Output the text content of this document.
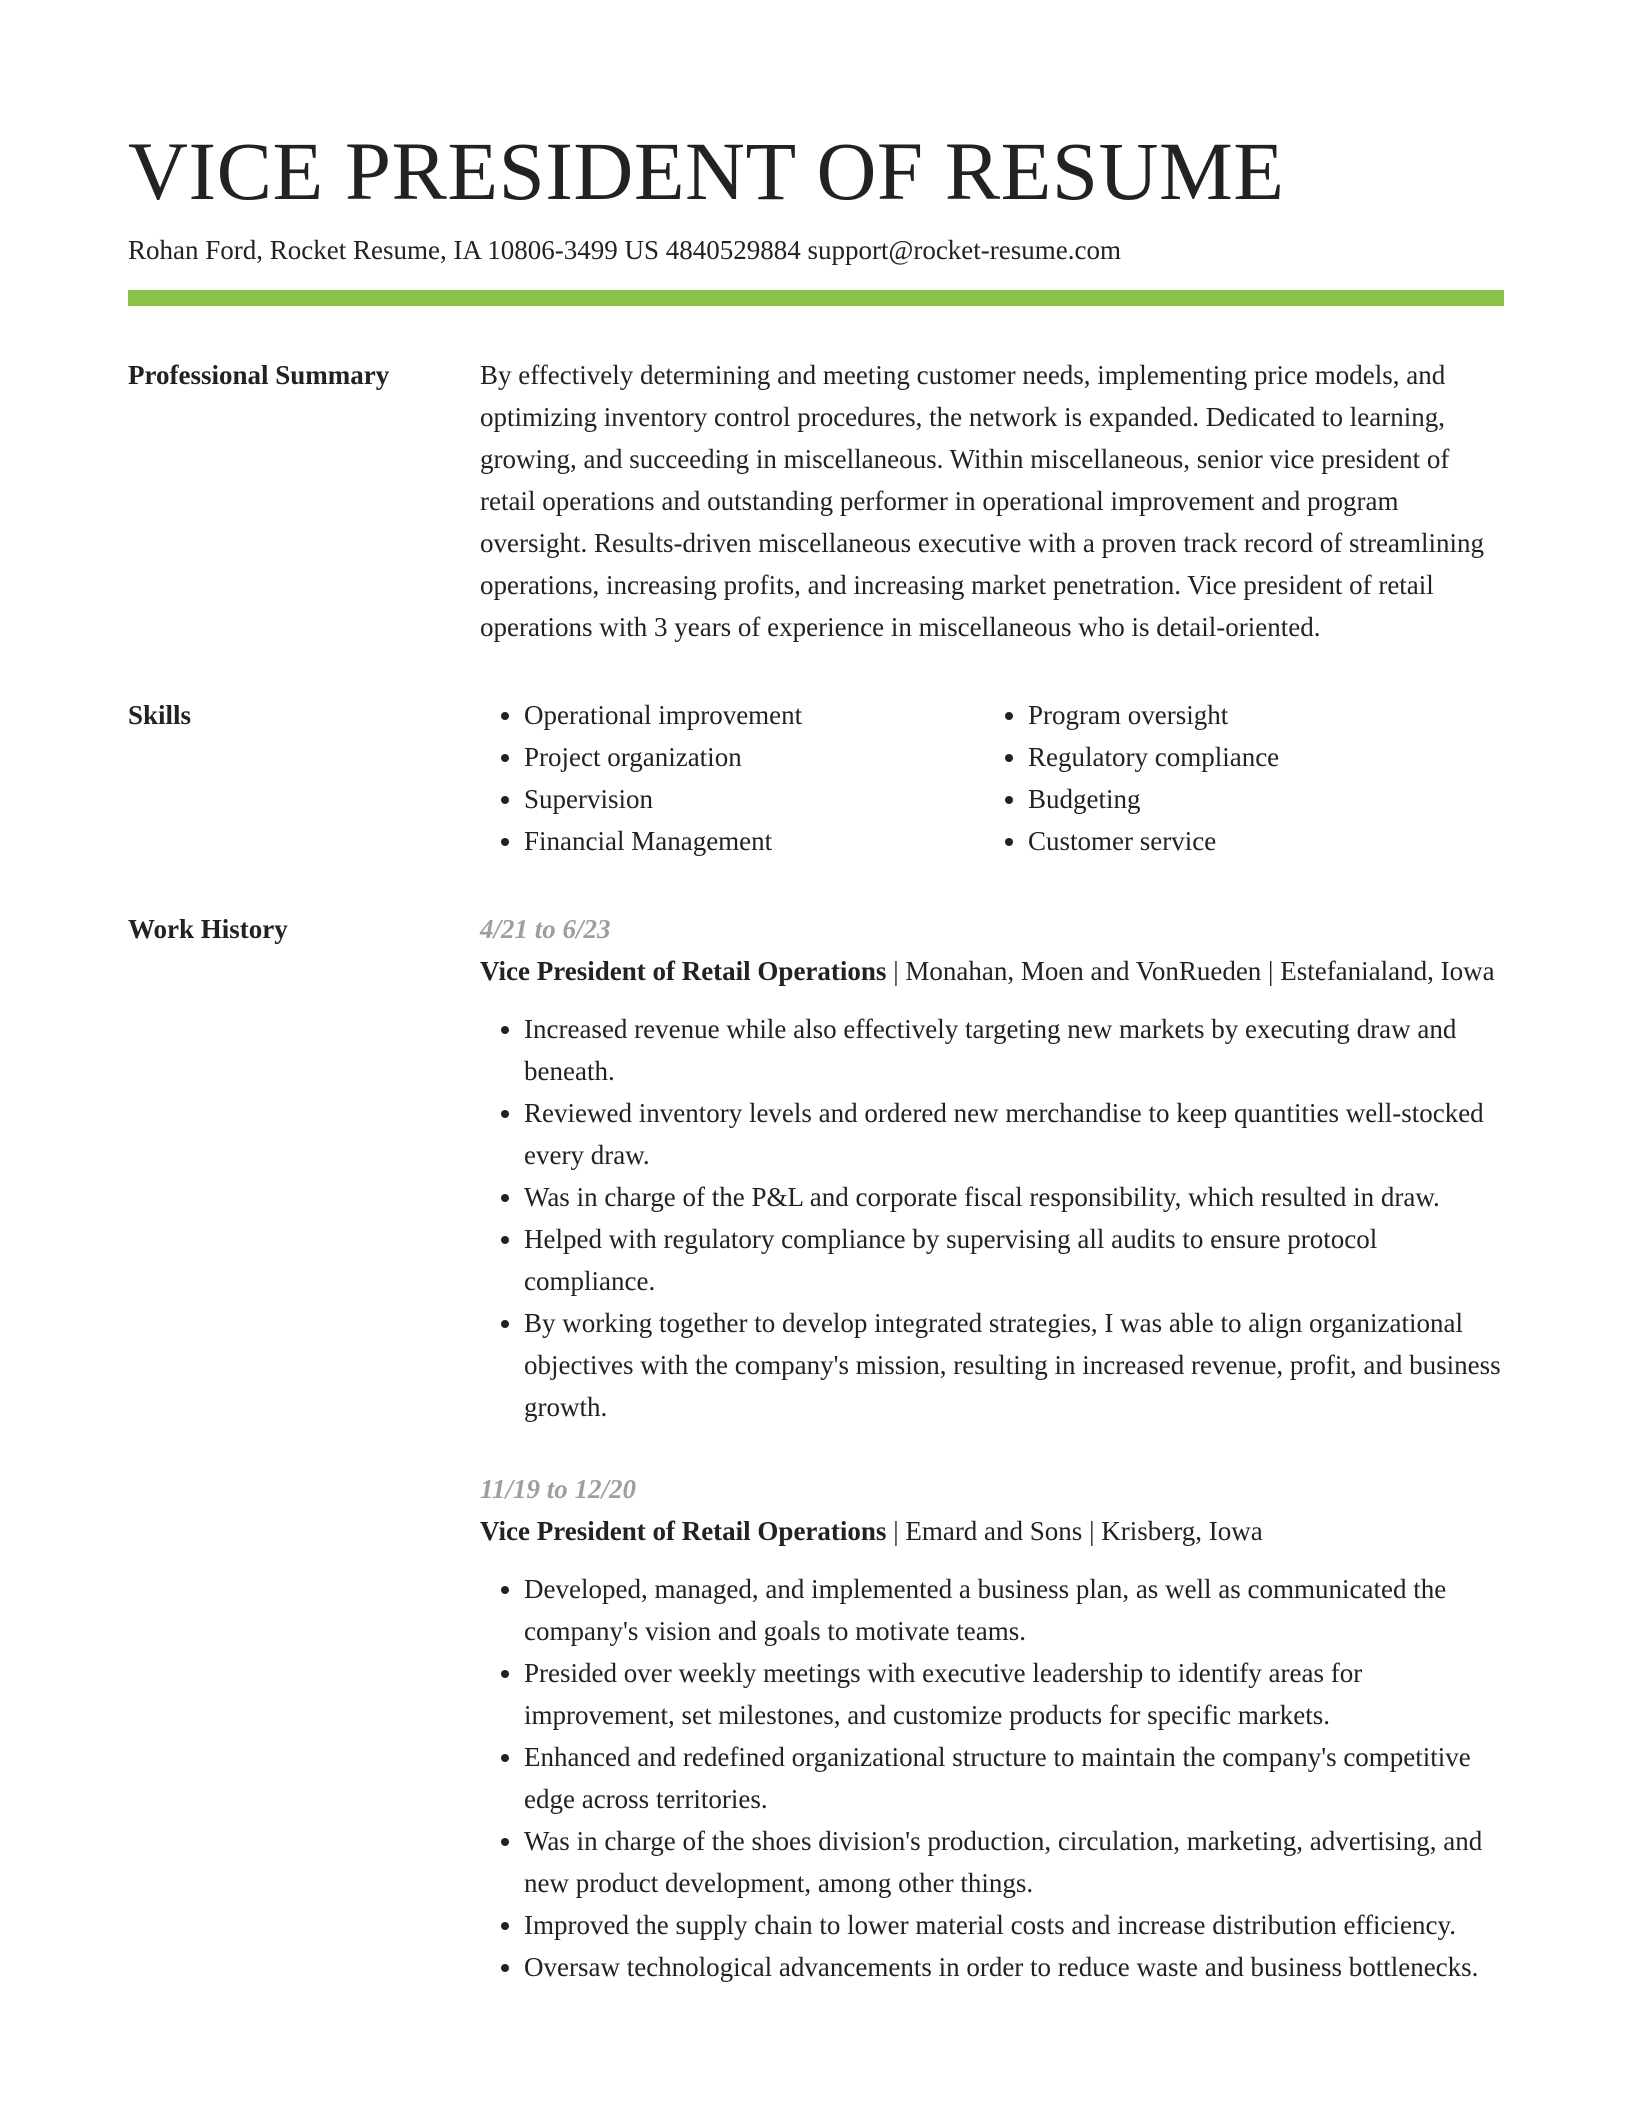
VICE PRESIDENT OF RESUME
Rohan Ford, Rocket Resume, IA 10806-3499 US 4840529884 support@rocket-resume.com
Professional Summary	By effectively determining and meeting customer needs, implementing price models, and optimizing inventory control procedures, the network is expanded. Dedicated to learning, growing, and succeeding in miscellaneous. Within miscellaneous, senior vice president of retail operations and outstanding performer in operational improvement and program oversight. Results-driven miscellaneous executive with a proven track record of streamlining operations, increasing profits, and increasing market penetration. Vice president of retail operations with 3 years of experience in miscellaneous who is detail-oriented.

Skills
•	Operational improvement
• Project organization
• Supervision
• Financial Management
• Program oversight
• Regulatory compliance
• Budgeting
• Customer service
Work History	4/21 to 6/23
Vice President of Retail Operations | Monahan, Moen and VonRueden | Estefanialand, Iowa
• Increased revenue while also effectively targeting new markets by executing draw and beneath.
• Reviewed inventory levels and ordered new merchandise to keep quantities well-stocked every draw.
• Was in charge of the P&L and corporate fiscal responsibility, which resulted in draw.
• Helped with regulatory compliance by supervising all audits to ensure protocol compliance.
• By working together to develop integrated strategies, I was able to align organizational objectives with the company's mission, resulting in increased revenue, profit, and business growth.
11/19 to 12/20
Vice President of Retail Operations | Emard and Sons | Krisberg, Iowa
• Developed, managed, and implemented a business plan, as well as communicated the company's vision and goals to motivate teams.
• Presided over weekly meetings with executive leadership to identify areas for improvement, set milestones, and customize products for specific markets.
• Enhanced and redefined organizational structure to maintain the company's competitive edge across territories.
• Was in charge of the shoes division's production, circulation, marketing, advertising, and new product development, among other things.
• Improved the supply chain to lower material costs and increase distribution efficiency.
• Oversaw technological advancements in order to reduce waste and business bottlenecks.
